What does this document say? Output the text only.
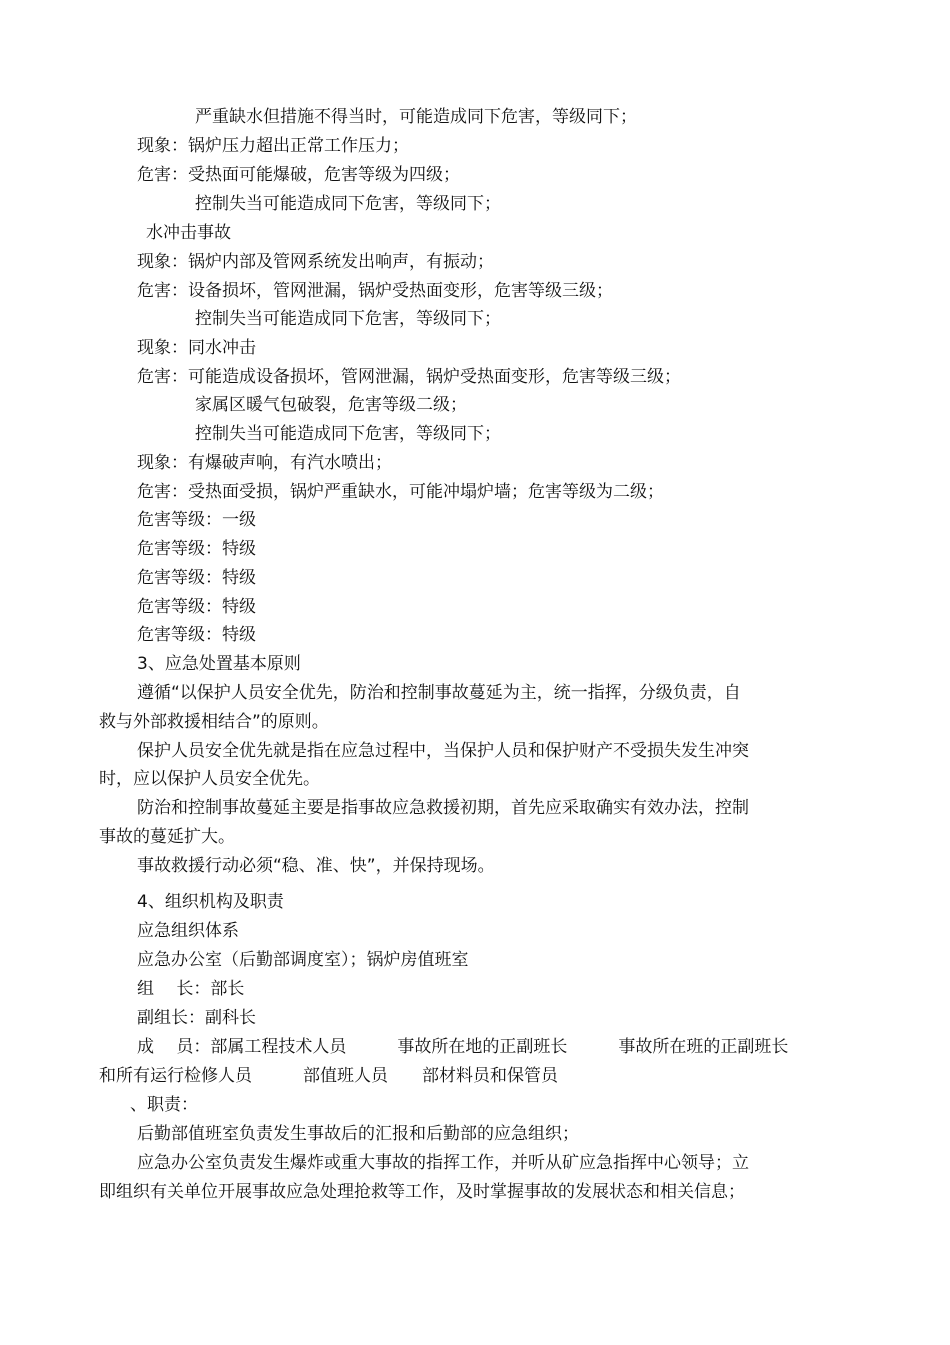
严重缺水但措施不得当时，可能造成同下危害，等级同下；
现象：锅炉压力超出正常工作压力；
危害：受热面可能爆破，危害等级为四级；
控制失当可能造成同下危害，等级同下；
水冲击事故
现象：锅炉内部及管网系统发出响声，有振动；
危害：设备损坏，管网泄漏，锅炉受热面变形，危害等级三级；
控制失当可能造成同下危害，等级同下；
现象：同水冲击
危害：可能造成设备损坏，管网泄漏，锅炉受热面变形，危害等级三级；
家属区暖气包破裂，危害等级二级；
控制失当可能造成同下危害，等级同下；
现象：有爆破声响，有汽水喷出；
危害：受热面受损，锅炉严重缺水，可能冲塌炉墙；危害等级为二级；
危害等级：一级
危害等级：特级
危害等级：特级
危害等级：特级
危害等级：特级
3、应急处置基本原则
遵循“以保护人员安全优先，防治和控制事故蔓延为主，统一指挥，分级负责，自
救与外部救援相结合”的原则。
保护人员安全优先就是指在应急过程中，当保护人员和保护财产不受损失发生冲突
时，应以保护人员安全优先。
防治和控制事故蔓延主要是指事故应急救援初期，首先应采取确实有效办法，控制
事故的蔓延扩大。
事故救援行动必须“稳、准、快”，并保持现场。
4、组织机构及职责
应急组织体系
应急办公室（后勤部调度室）；锅炉房值班室
组　 长：部长
副组长：副科长
成　 员：部属工程技术人员　　　事故所在地的正副班长　　　事故所在班的正副班长
和所有运行检修人员　　　部值班人员　　部材料员和保管员
、职责：
后勤部值班室负责发生事故后的汇报和后勤部的应急组织；
应急办公室负责发生爆炸或重大事故的指挥工作，并听从矿应急指挥中心领导；立
即组织有关单位开展事故应急处理抢救等工作，及时掌握事故的发展状态和相关信息；
